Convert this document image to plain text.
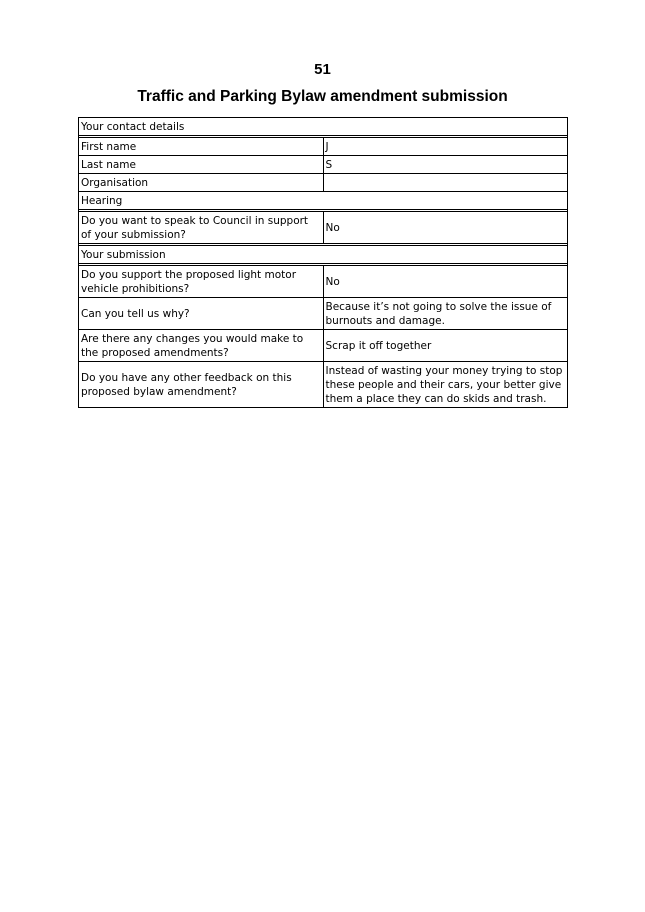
51
Traffic and Parking Bylaw amendment submission
Your contact details	

First name	J
Last name	S
Organisation	
Hearing	

Do you want to speak to Council in support of your submission?	No

Your submission	

Do you support the proposed light motor vehicle prohibitions?	No
Can you tell us why?	Because it’s not going to solve the issue of burnouts and damage.
Are there any changes you would make to the proposed amendments?	Scrap it off together
Do you have any other feedback on this proposed bylaw amendment?	Instead of wasting your money trying to stop these people and their cars, your better give them a place they can do skids and trash.
